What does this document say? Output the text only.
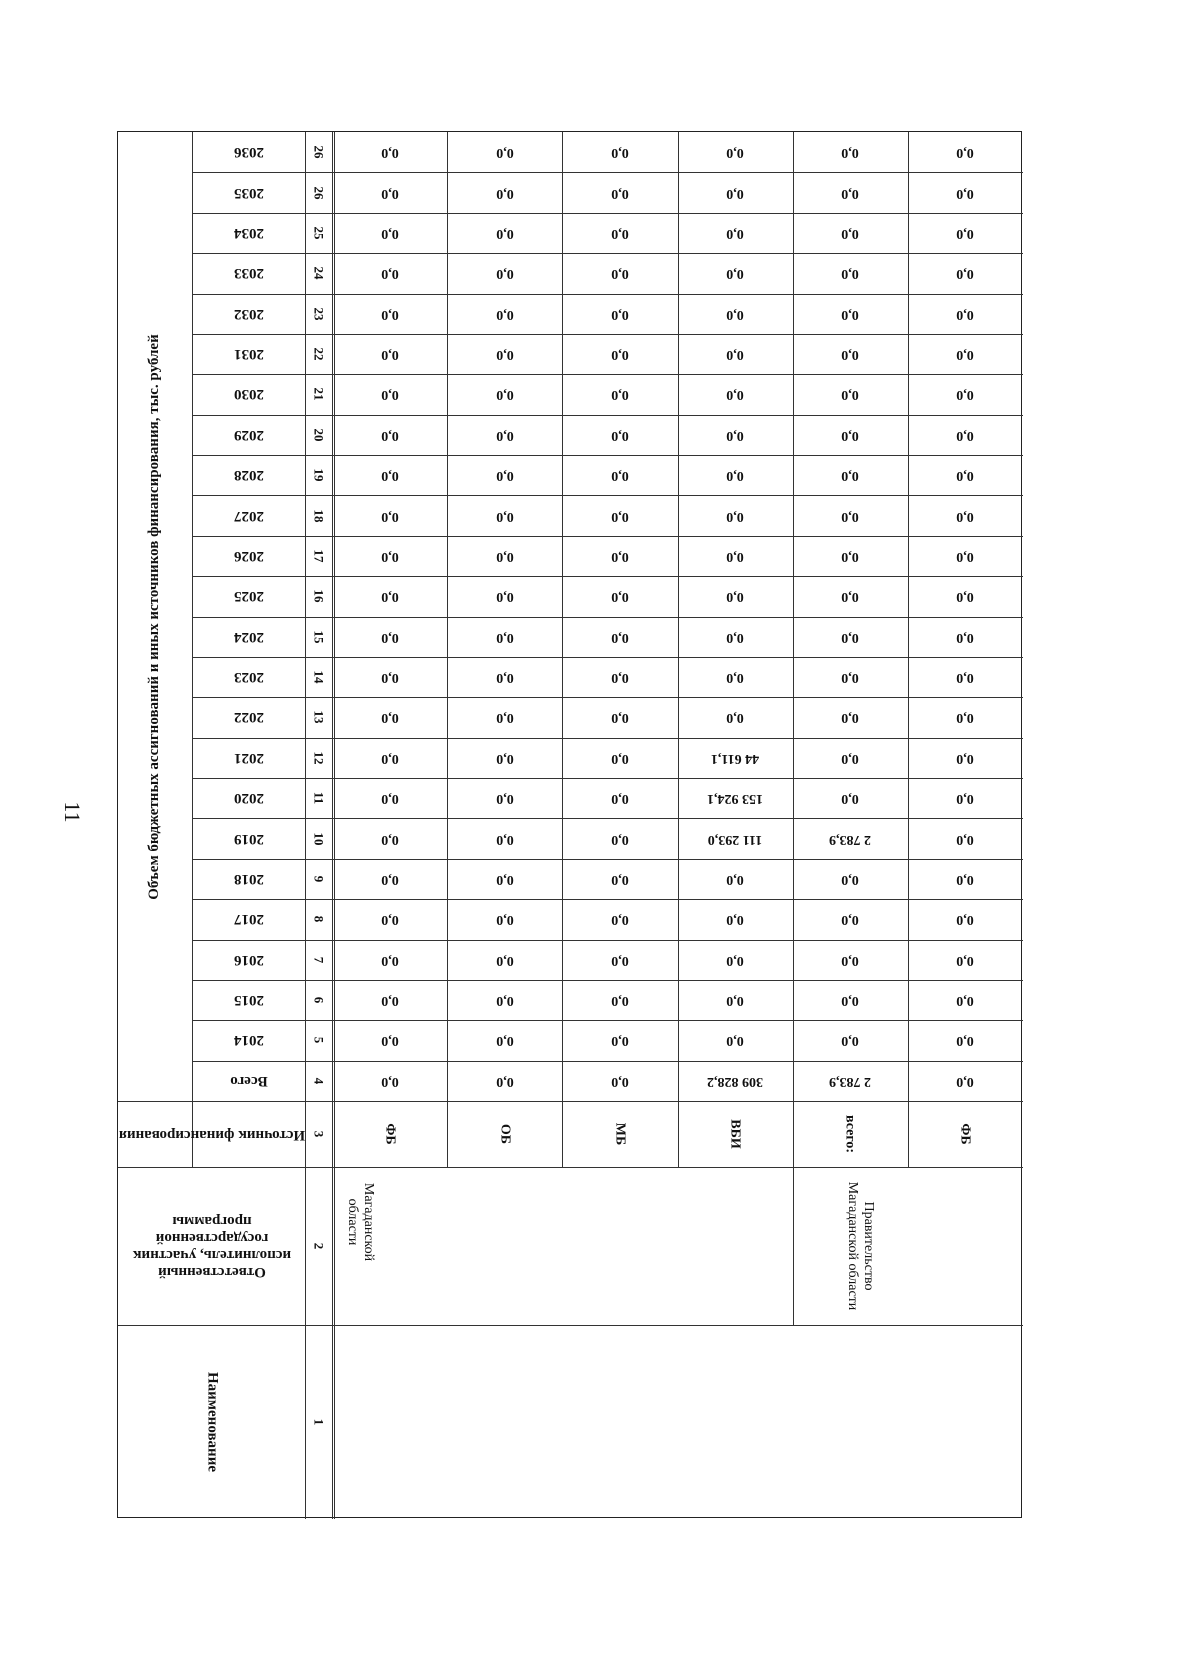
11	Объем бюджетных ассигнований и иных источников финансирования, тыс. рублей
Всего	4	0,0	0,0	0,0	309 828,2	2 783,9	0,0
2014	5	0,0	0,0	0,0	0,0	0,0	0,0
2015	6	0,0	0,0	0,0	0,0	0,0	0,0
2016	7	0,0	0,0	0,0	0,0	0,0	0,0
2017	8	0,0	0,0	0,0	0,0	0,0	0,0
2018	9	0,0	0,0	0,0	0,0	0,0	0,0
2019	10	0,0	0,0	0,0	111 293,0	2 783,9	0,0
2020	11	0,0	0,0	0,0	153 924,1	0,0	0,0
2021	12	0,0	0,0	0,0	44 611,1	0,0	0,0
2022	13	0,0	0,0	0,0	0,0	0,0	0,0
2023	14	0,0	0,0	0,0	0,0	0,0	0,0
2024	15	0,0	0,0	0,0	0,0	0,0	0,0
2025	16	0,0	0,0	0,0	0,0	0,0	0,0
2026	17	0,0	0,0	0,0	0,0	0,0	0,0
2027	18	0,0	0,0	0,0	0,0	0,0	0,0
2028	19	0,0	0,0	0,0	0,0	0,0	0,0
2029	20	0,0	0,0	0,0	0,0	0,0	0,0
2030	21	0,0	0,0	0,0	0,0	0,0	0,0
2031	22	0,0	0,0	0,0	0,0	0,0	0,0
2032	23	0,0	0,0	0,0	0,0	0,0	0,0
2033	24	0,0	0,0	0,0	0,0	0,0	0,0
2034	25	0,0	0,0	0,0	0,0	0,0	0,0
2035	26	0,0	0,0	0,0	0,0	0,0	0,0
2036	26	0,0	0,0	0,0	0,0	0,0	0,0
Источник финансирования 3	ФБ	ОБ	МБ	ВБИ	всего:	ФБ
Ответственный исполнитель, участник государственной программы
2	Магаданской области	Правительство Магаданской области
Наименование	1
